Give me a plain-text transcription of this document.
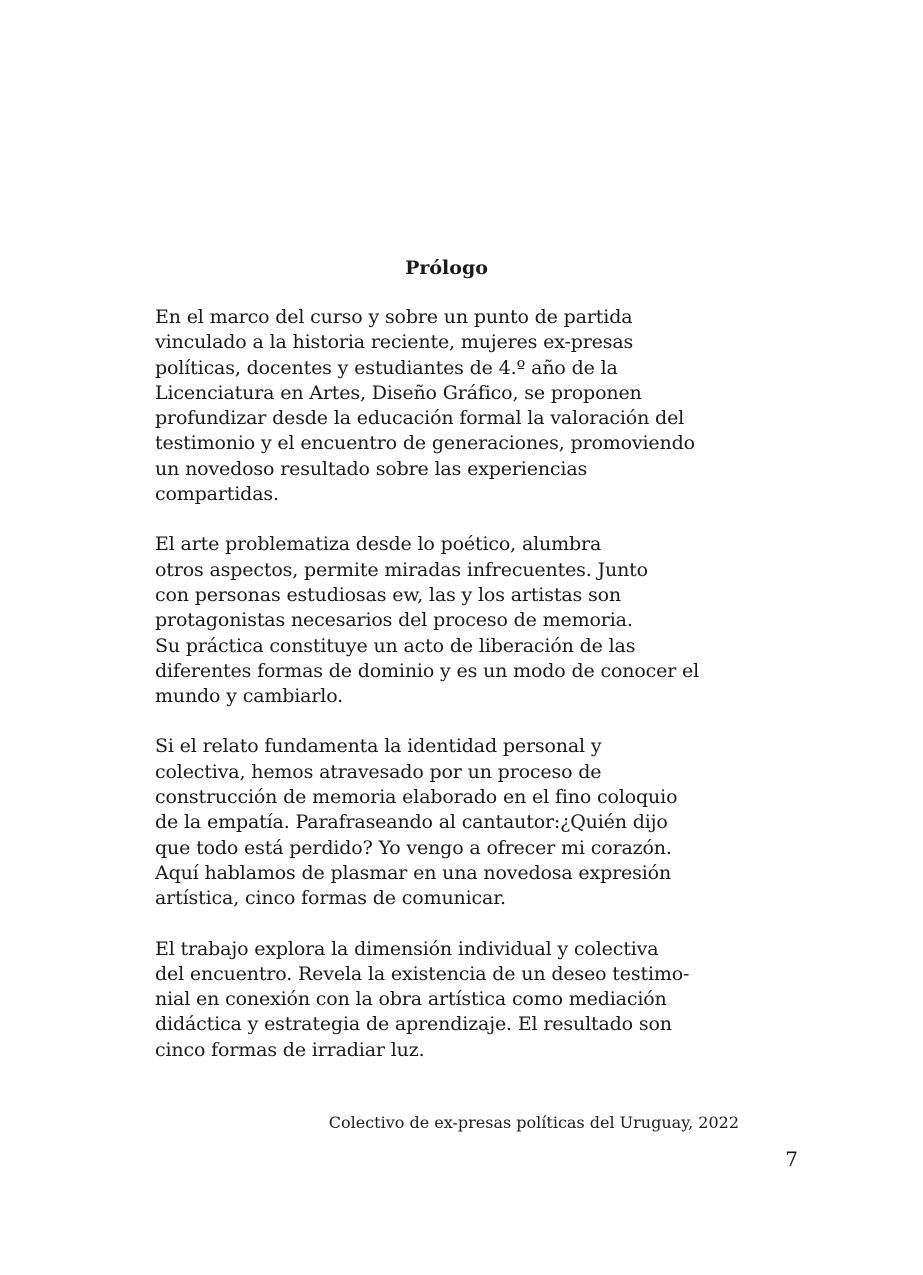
Prólogo

En el marco del curso y sobre un punto de partida
vinculado a la historia reciente, mujeres ex-presas
políticas, docentes y estudiantes de 4.º año de la
Licenciatura en Artes, Diseño Gráfico, se proponen
profundizar desde la educación formal la valoración del
testimonio y el encuentro de generaciones, promoviendo
un novedoso resultado sobre las experiencias
compartidas.

El arte problematiza desde lo poético, alumbra
otros aspectos, permite miradas infrecuentes. Junto
con personas estudiosas ew, las y los artistas son
protagonistas necesarios del proceso de memoria.
Su práctica constituye un acto de liberación de las
diferentes formas de dominio y es un modo de conocer el
mundo y cambiarlo.

Si el relato fundamenta la identidad personal y
colectiva, hemos atravesado por un proceso de
construcción de memoria elaborado en el fino coloquio
de la empatía. Parafraseando al cantautor:¿Quién dijo
que todo está perdido? Yo vengo a ofrecer mi corazón.
Aquí hablamos de plasmar en una novedosa expresión
artística, cinco formas de comunicar.

El trabajo explora la dimensión individual y colectiva
del encuentro. Revela la existencia de un deseo testimo-
nial en conexión con la obra artística como mediación
didáctica y estrategia de aprendizaje. El resultado son
cinco formas de irradiar luz.

Colectivo de ex-presas políticas del Uruguay, 2022
7
